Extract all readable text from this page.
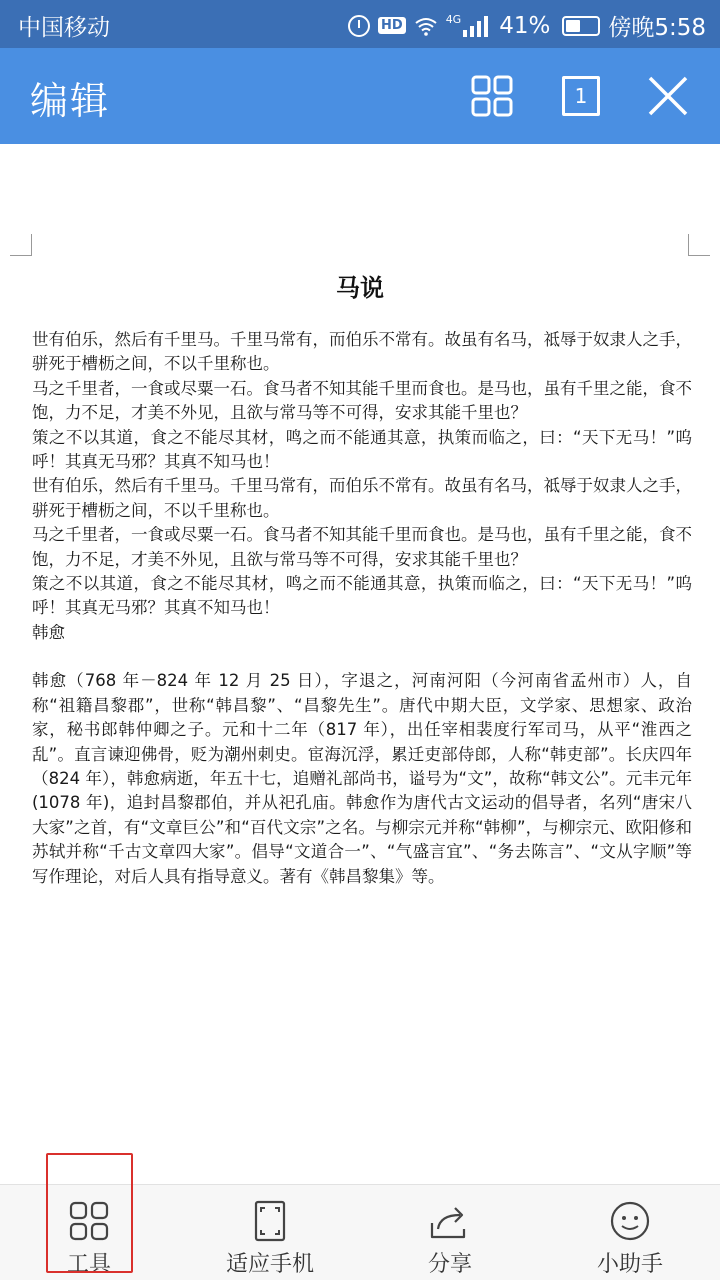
中国移动	HD	4G 41%	傍晚5:58
编辑	1
马说

世有伯乐，然后有千里马。千里马常有，而伯乐不常有。故虽有名马，祗辱于奴隶人之手，骈死于槽枥之间，不以千里称也。

马之千里者，一食或尽粟一石。食马者不知其能千里而食也。是马也，虽有千里之能，食不饱，力不足，才美不外见，且欲与常马等不可得，安求其能千里也？

策之不以其道，食之不能尽其材，鸣之而不能通其意，执策而临之，曰：“天下无马！”呜呼！其真无马邪？其真不知马也！

世有伯乐，然后有千里马。千里马常有，而伯乐不常有。故虽有名马，祗辱于奴隶人之手，骈死于槽枥之间，不以千里称也。

马之千里者，一食或尽粟一石。食马者不知其能千里而食也。是马也，虽有千里之能，食不饱，力不足，才美不外见，且欲与常马等不可得，安求其能千里也？

策之不以其道，食之不能尽其材，鸣之而不能通其意，执策而临之，曰：“天下无马！”呜呼！其真无马邪？其真不知马也！

韩愈

韩愈（768 年－824 年 12 月 25 日），字退之，河南河阳（今河南省孟州市）人，自称“祖籍昌黎郡”，世称“韩昌黎”、“昌黎先生”。唐代中期大臣，文学家、思想家、政治家，秘书郎韩仲卿之子。元和十二年（817 年），出任宰相裴度行军司马，从平“淮西之乱”。直言谏迎佛骨，贬为潮州刺史。宦海沉浮，累迁吏部侍郎，人称“韩吏部”。长庆四年（824 年），韩愈病逝，年五十七，追赠礼部尚书，谥号为“文”，故称“韩文公”。元丰元年(1078 年)，追封昌黎郡伯，并从祀孔庙。韩愈作为唐代古文运动的倡导者，名列“唐宋八大家”之首，有“文章巨公”和“百代文宗”之名。与柳宗元并称“韩柳”，与柳宗元、欧阳修和苏轼并称“千古文章四大家”。倡导“文道合一”、“气盛言宜”、“务去陈言”、“文从字顺”等写作理论，对后人具有指导意义。著有《韩昌黎集》等。

工具	适应手机	分享	小助手
